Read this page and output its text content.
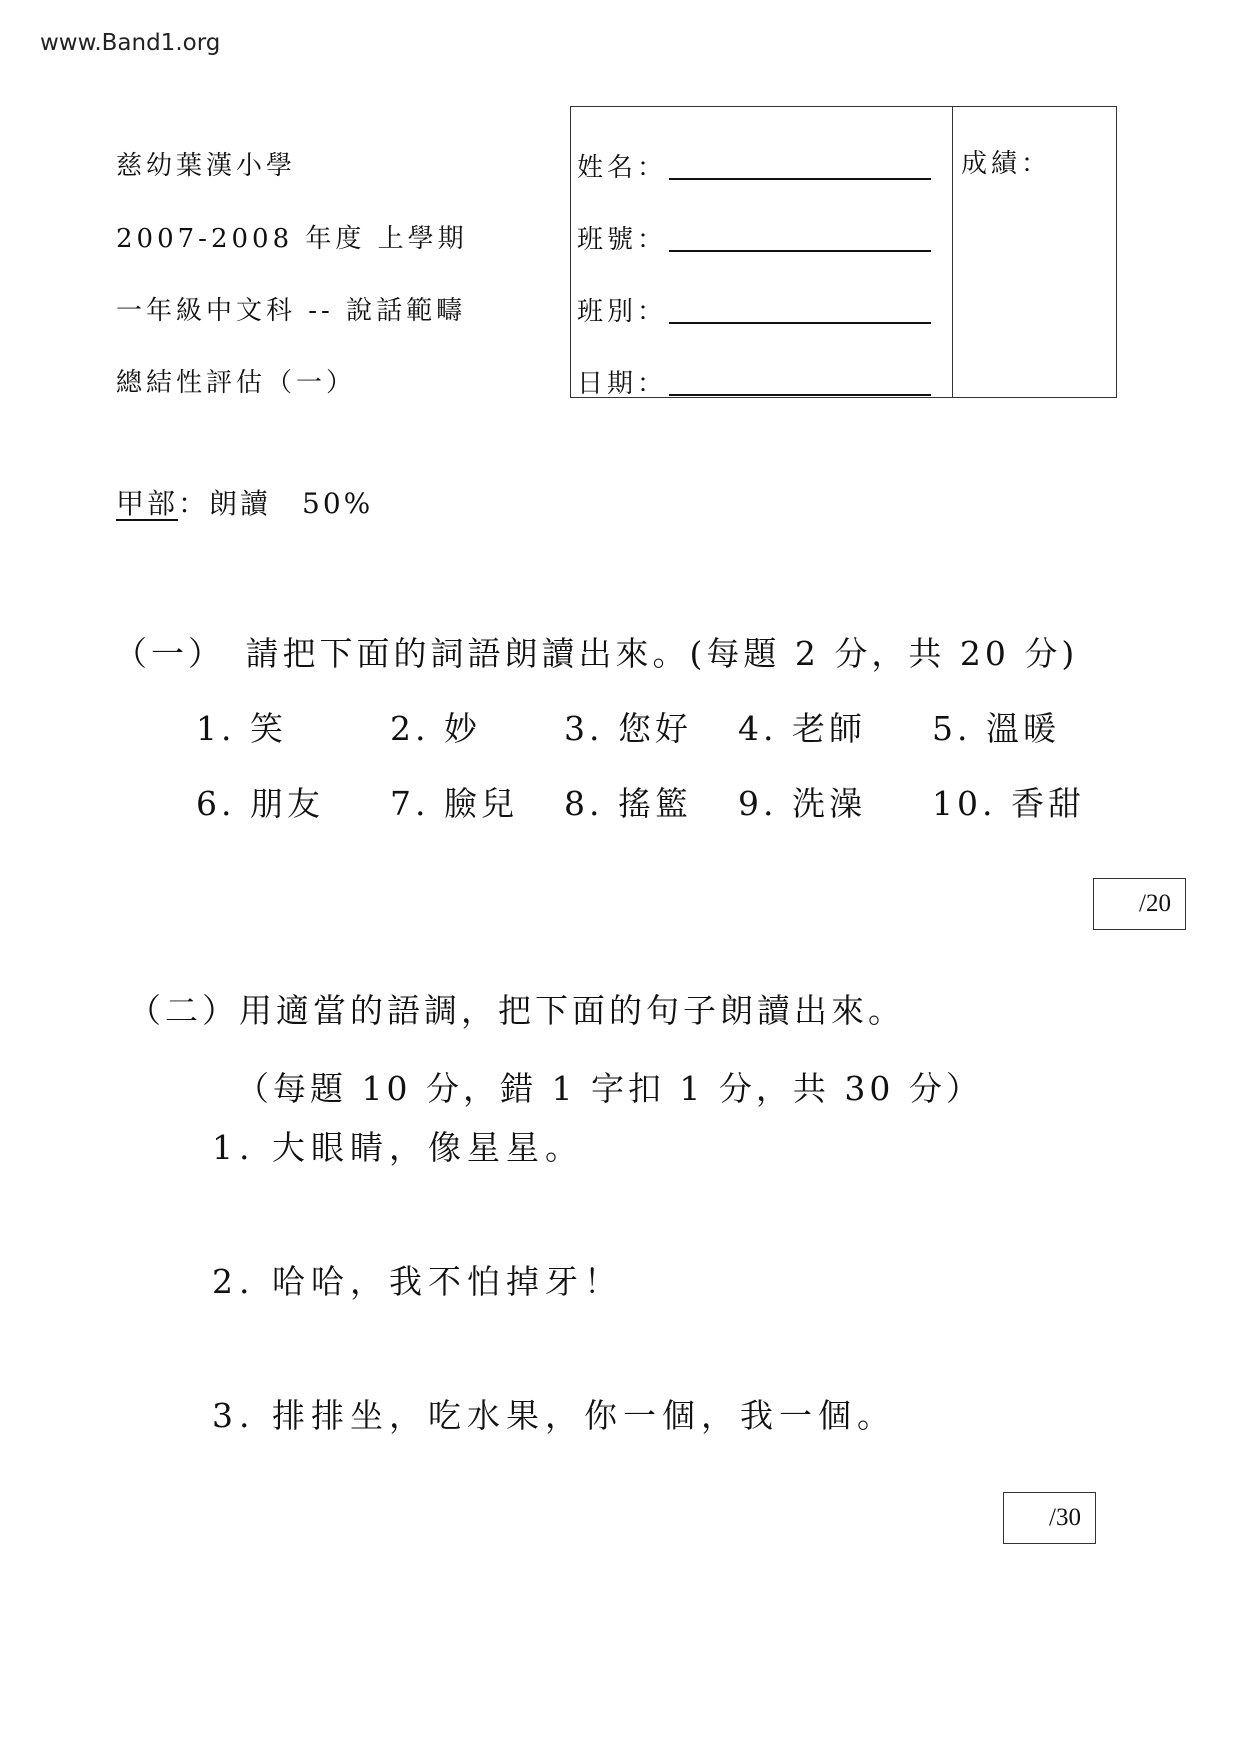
www.Band1.org
慈幼葉漢小學
2007-2008 年度 上學期
一年級中文科 -- 說話範疇
總結性評估（一）
姓名：
班號：
班別：
日期：
成績：
甲部：朗讀　50%
（一）　請把下面的詞語朗讀出來。(每題 2 分，共 20 分)
1. 笑	2. 妙	3. 您好 4. 老師 5. 溫暖
6. 朋友 7. 臉兒 8. 搖籃 9. 洗澡 10. 香甜
/20
（二）用適當的語調，把下面的句子朗讀出來。
（每題 10 分，錯 1 字扣 1 分，共 30 分）
1. 大眼睛，像星星。
2. 哈哈，我不怕掉牙！
3. 排排坐，吃水果，你一個，我一個。
/30
